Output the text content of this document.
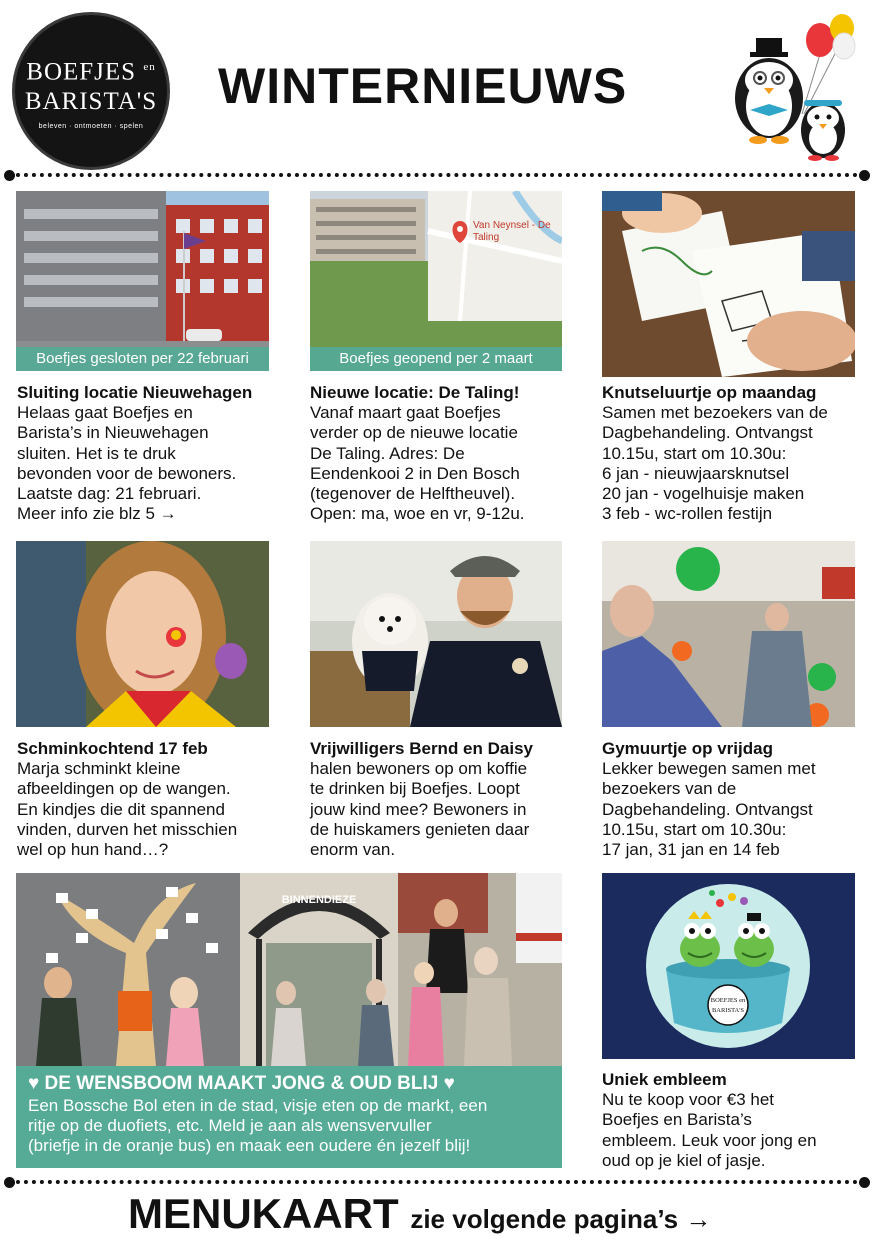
BOEFJES $^{en}$
BARISTA'S
beleven · ontmoeten · spelen
WINTERNIEUWS
Boefjes gesloten per 22 februari
Van Neynsel - De
Taling
Boefjes geopend per 2 maart
Sluiting locatie Nieuwehagen
Helaas gaat Boefjes en
Barista’s in Nieuwehagen
sluiten. Het is te druk
bevonden voor de bewoners.
Laatste dag: 21 februari.
Meer info zie blz 5 →
Nieuwe locatie: De Taling!
Vanaf maart gaat Boefjes
verder op de nieuwe locatie
De Taling. Adres: De
Eendenkooi 2 in Den Bosch
(tegenover de Helftheuvel).
Open: ma, woe en vr, 9-12u.
Knutseluurtje op maandag
Samen met bezoekers van de
Dagbehandeling. Ontvangst
10.15u, start om 10.30u:
6 jan - nieuwjaarsknutsel
20 jan - vogelhuisje maken
3 feb - wc-rollen festijn
Schminkochtend 17 feb
Marja schminkt kleine
afbeeldingen op de wangen.
En kindjes die dit spannend
vinden, durven het misschien
wel op hun hand…?
Vrijwilligers Bernd en Daisy
halen bewoners op om koffie
te drinken bij Boefjes. Loopt
jouw kind mee? Bewoners in
de huiskamers genieten daar
enorm van.
Gymuurtje op vrijdag
Lekker bewegen samen met
bezoekers van de
Dagbehandeling. Ontvangst
10.15u, start om 10.30u:
17 jan, 31 jan en 14 feb
BINNENDIEZE
♥ DE WENSBOOM MAAKT JONG & OUD BLIJ ♥
Een Bossche Bol eten in de stad, visje eten op de markt, een
ritje op de duofiets, etc. Meld je aan als wensvervuller
(briefje in de oranje bus) en maak een oudere én jezelf blij!
BOEFJES en
BARISTA'S
Uniek embleem
Nu te koop voor €3 het
Boefjes en Barista’s
embleem. Leuk voor jong en
oud op je kiel of jasje.
MENUKAART zie volgende pagina’s →
